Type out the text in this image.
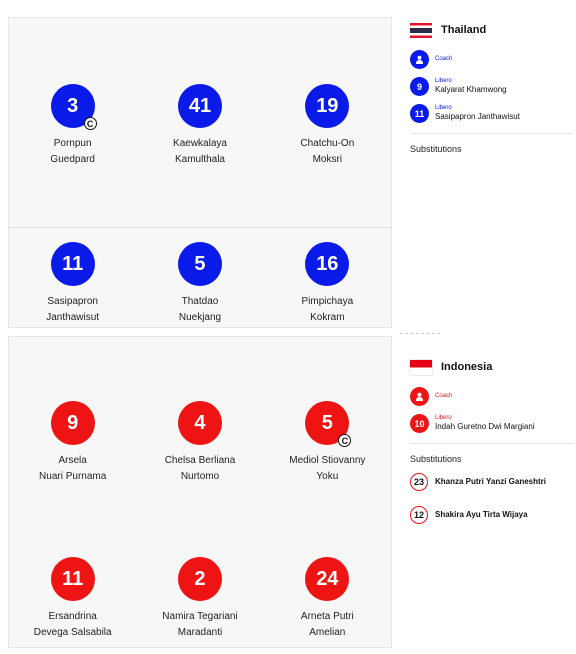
3
C
Pornpun
Guedpard
41
Kaewkalaya
Kamulthala
19
Chatchu-On
Moksri
11
Sasipapron
Janthawisut
5
Thatdao
Nuekjang
16
Pimpichaya
Kokram
9
Arsela
Nuari Purnama
4
Chelsa Berliana
Nurtomo
5
C
Mediol Stiovanny
Yoku
11
Ersandrina
Devega Salsabila
2
Namira Tegariani
Maradanti
24
Arneta Putri
Amelian
Thailand
Coach
9
Libero
Kalyarat Khamwong
11
Libero
Sasipapron Janthawisut
Substitutions
Indonesia
Coach
10
Libero
Indah Guretno Dwi Margiani
Substitutions
23	Khanza Putri Yanzi Ganeshtri
12	Shakira Ayu Tirta Wijaya
